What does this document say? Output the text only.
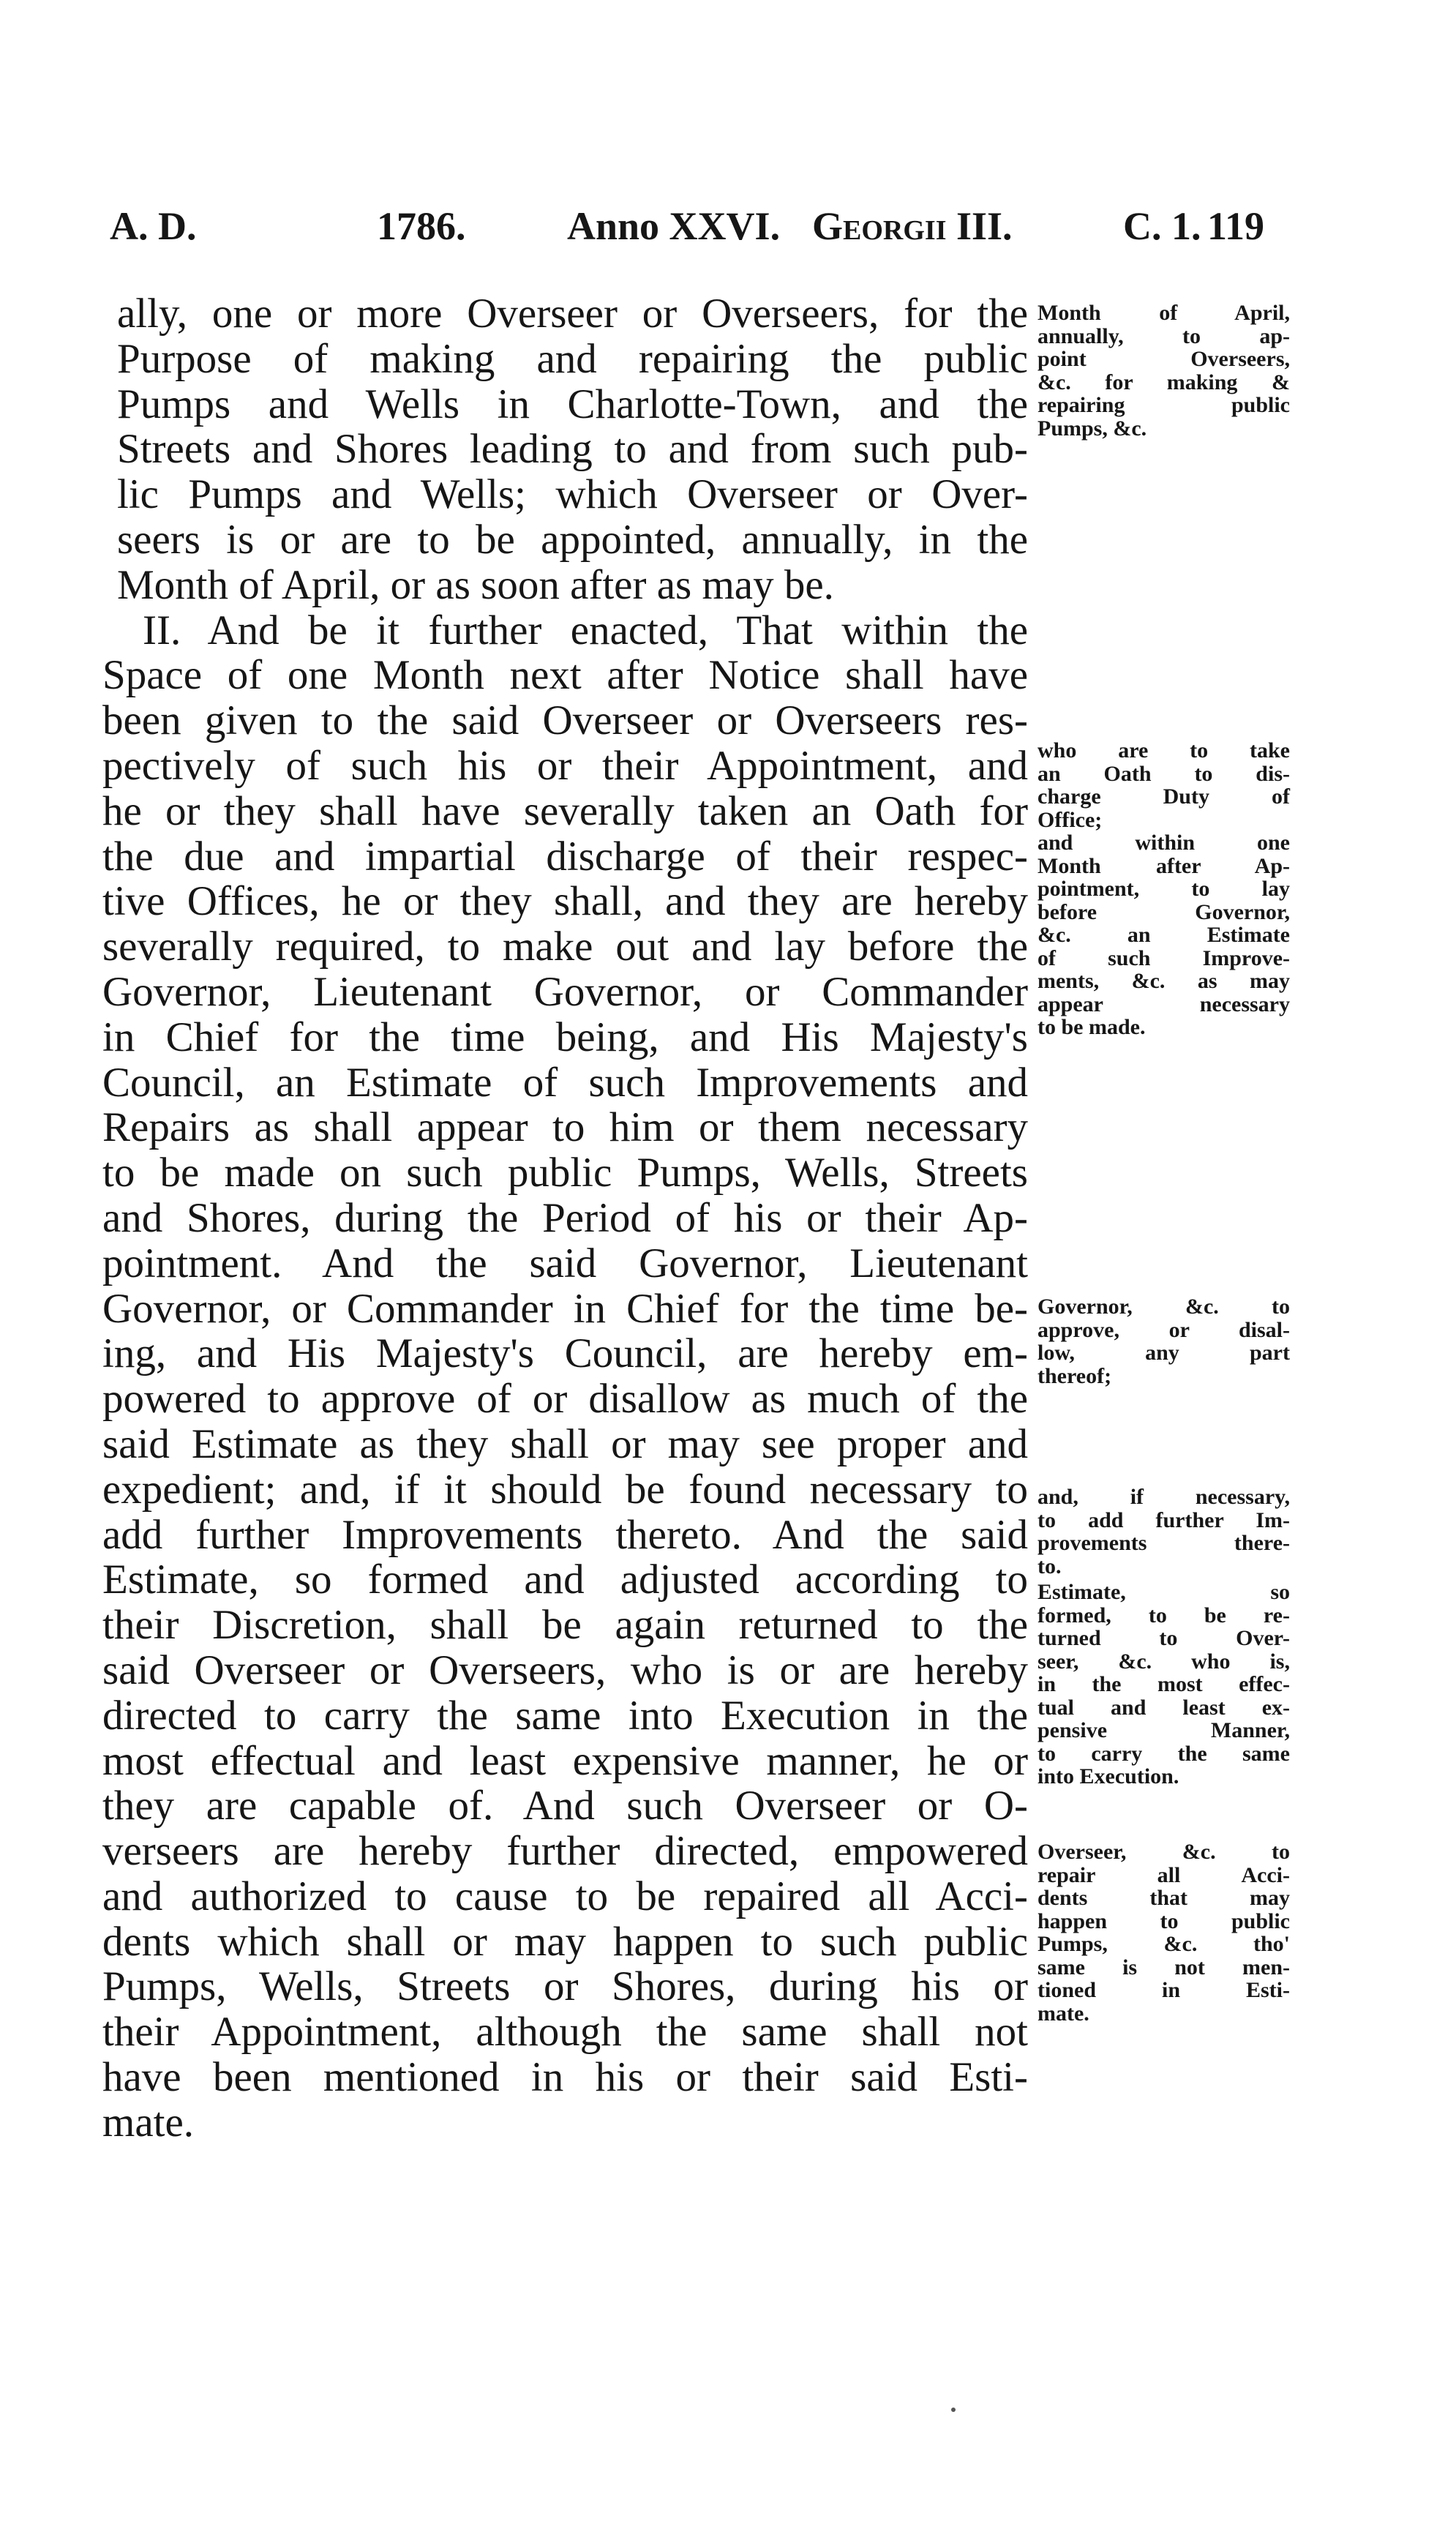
A. D.	1786.	Anno XXVI. Georgii III.	C. 1. 119
ally, one or more Overseer or Overseers, for the
Purpose of making and repairing the public
Pumps and Wells in Charlotte-Town, and the
Streets and Shores leading to and from such pub-
lic Pumps and Wells; which Overseer or Over-
seers is or are to be appointed, annually, in the
Month of April, or as soon after as may be.
II. And be it further enacted, That within the
Space of one Month next after Notice shall have
been given to the said Overseer or Overseers res-
pectively of such his or their Appointment, and
he or they shall have severally taken an Oath for
the due and impartial discharge of their respec-
tive Offices, he or they shall, and they are hereby
severally required, to make out and lay before the
Governor, Lieutenant Governor, or Commander
in Chief for the time being, and His Majesty's
Council, an Estimate of such Improvements and
Repairs as shall appear to him or them necessary
to be made on such public Pumps, Wells, Streets
and Shores, during the Period of his or their Ap-
pointment. And the said Governor, Lieutenant
Governor, or Commander in Chief for the time be-
ing, and His Majesty's Council, are hereby em-
powered to approve of or disallow as much of the
said Estimate as they shall or may see proper and
expedient; and, if it should be found necessary to
add further Improvements thereto. And the said
Estimate, so formed and adjusted according to
their Discretion, shall be again returned to the
said Overseer or Overseers, who is or are hereby
directed to carry the same into Execution in the
most effectual and least expensive manner, he or
they are capable of. And such Overseer or O-
verseers are hereby further directed, empowered
and authorized to cause to be repaired all Acci-
dents which shall or may happen to such public
Pumps, Wells, Streets or Shores, during his or
their Appointment, although the same shall not
have been mentioned in his or their said Esti-
mate.
Month of April,
annually, to ap-
point Overseers,
&c. for making &
repairing public
Pumps, &c.
who are to take
an Oath to dis-
charge Duty of
Office;
and within one
Month after Ap-
pointment, to lay
before Governor,
&c. an Estimate
of such Improve-
ments, &c. as may
appear necessary
to be made.
Governor, &c. to
approve, or disal-
low, any part
thereof;
and, if necessary,
to add further Im-
provements there-
to.
Estimate, so
formed, to be re-
turned to Over-
seer, &c. who is,
in the most effec-
tual and least ex-
pensive Manner,
to carry the same
into Execution.
Overseer, &c. to
repair all Acci-
dents that may
happen to public
Pumps, &c. tho'
same is not men-
tioned in Esti-
mate.
